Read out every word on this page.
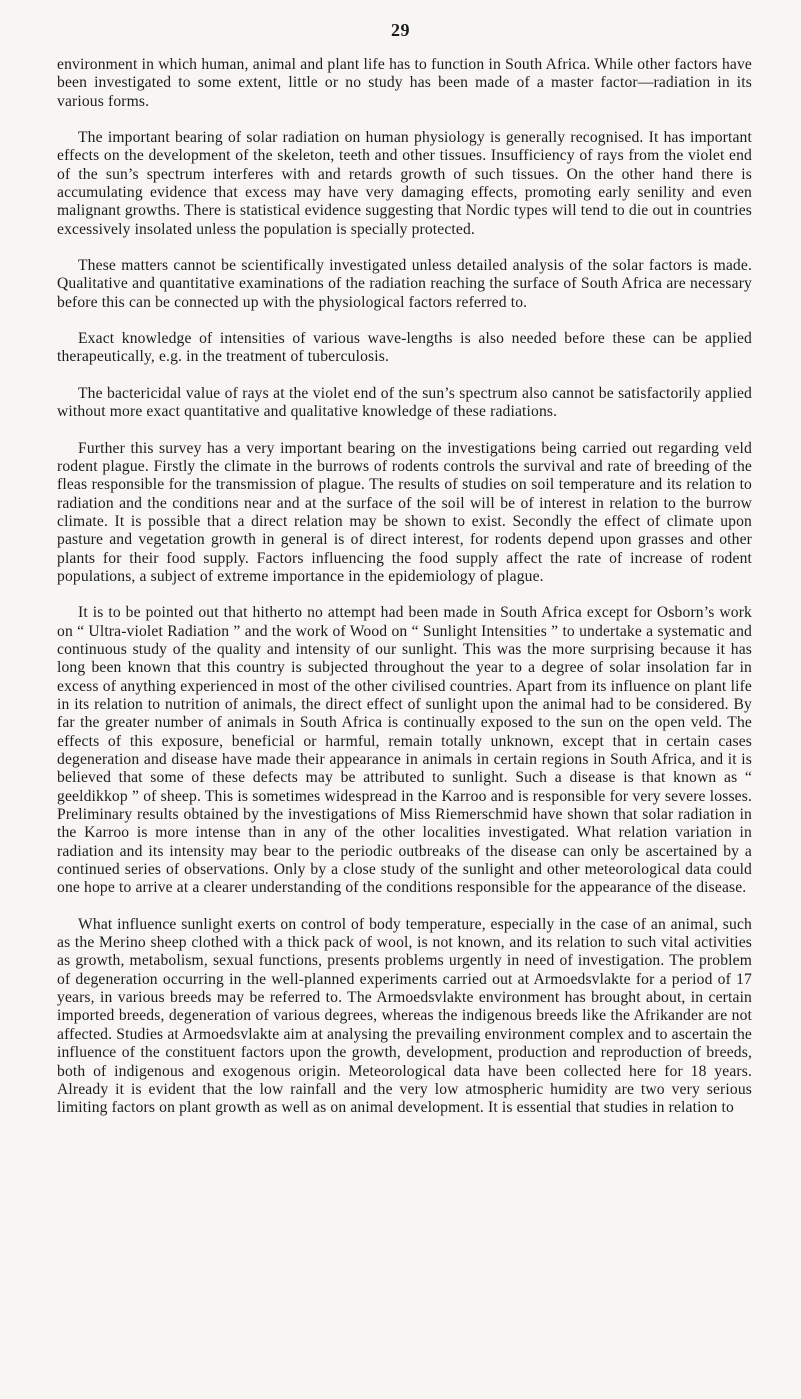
29

environment in which human, animal and plant life has to function in South Africa. While other factors have been investigated to some extent, little or no study has been made of a master factor—radiation in its various forms.

The important bearing of solar radiation on human physiology is generally recognised. It has important effects on the development of the skeleton, teeth and other tissues. Insufficiency of rays from the violet end of the sun’s spectrum interferes with and retards growth of such tissues. On the other hand there is accumulating evidence that excess may have very damaging effects, promoting early senility and even malignant growths. There is statistical evidence suggesting that Nordic types will tend to die out in countries excessively insolated unless the population is specially protected.

These matters cannot be scientifically investigated unless detailed analysis of the solar factors is made. Qualitative and quantitative examinations of the radiation reaching the surface of South Africa are necessary before this can be connected up with the physiological factors referred to.

Exact knowledge of intensities of various wave-lengths is also needed before these can be applied therapeutically, e.g. in the treatment of tuberculosis.

The bactericidal value of rays at the violet end of the sun’s spectrum also cannot be satisfactorily applied without more exact quantitative and qualitative knowledge of these radiations.

Further this survey has a very important bearing on the investigations being carried out regarding veld rodent plague. Firstly the climate in the burrows of rodents controls the survival and rate of breeding of the fleas responsible for the transmission of plague. The results of studies on soil temperature and its relation to radiation and the conditions near and at the surface of the soil will be of interest in relation to the burrow climate. It is possible that a direct relation may be shown to exist. Secondly the effect of climate upon pasture and vegetation growth in general is of direct interest, for rodents depend upon grasses and other plants for their food supply. Factors influencing the food supply affect the rate of increase of rodent populations, a subject of extreme importance in the epidemiology of plague.

It is to be pointed out that hitherto no attempt had been made in South Africa except for Osborn’s work on “ Ultra-violet Radiation ” and the work of Wood on “ Sunlight Intensities ” to undertake a systematic and continuous study of the quality and intensity of our sunlight. This was the more surprising because it has long been known that this country is subjected throughout the year to a degree of solar insolation far in excess of anything experienced in most of the other civilised countries. Apart from its influence on plant life in its relation to nutrition of animals, the direct effect of sunlight upon the animal had to be considered. By far the greater number of animals in South Africa is continually exposed to the sun on the open veld. The effects of this exposure, beneficial or harmful, remain totally unknown, except that in certain cases degeneration and disease have made their appearance in animals in certain regions in South Africa, and it is believed that some of these defects may be attributed to sunlight. Such a disease is that known as “ geeldikkop ” of sheep. This is sometimes widespread in the Karroo and is responsible for very severe losses. Preliminary results obtained by the investigations of Miss Riemerschmid have shown that solar radiation in the Karroo is more intense than in any of the other localities investigated. What relation variation in radiation and its intensity may bear to the periodic outbreaks of the disease can only be ascertained by a continued series of observations. Only by a close study of the sunlight and other meteorological data could one hope to arrive at a clearer understanding of the conditions responsible for the appearance of the disease.

What influence sunlight exerts on control of body temperature, especially in the case of an animal, such as the Merino sheep clothed with a thick pack of wool, is not known, and its relation to such vital activities as growth, metabolism, sexual functions, presents problems urgently in need of investigation. The problem of degeneration occurring in the well-planned experiments carried out at Armoedsvlakte for a period of 17 years, in various breeds may be referred to. The Armoedsvlakte environment has brought about, in certain imported breeds, degeneration of various degrees, whereas the indigenous breeds like the Afrikander are not affected. Studies at Armoedsvlakte aim at analysing the prevailing environment complex and to ascertain the influence of the constituent factors upon the growth, development, production and reproduction of breeds, both of indigenous and exogenous origin. Meteorological data have been collected here for 18 years. Already it is evident that the low rainfall and the very low atmospheric humidity are two very serious limiting factors on plant growth as well as on animal development. It is essential that studies in relation to
